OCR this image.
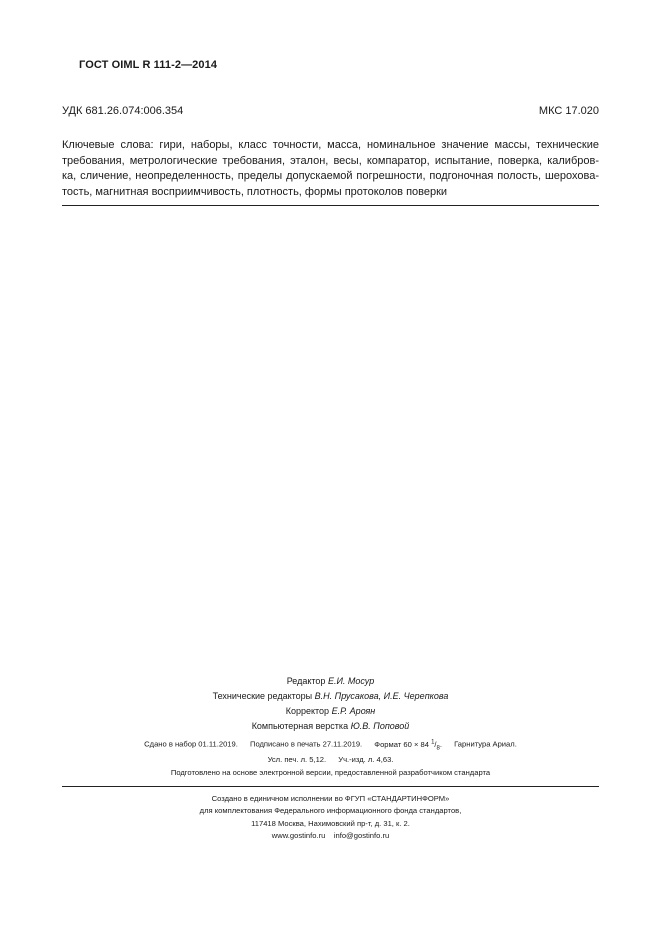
ГОСТ OIML R 111-2—2014
УДК 681.26.074:006.354	МКС 17.020
Ключевые слова: гири, наборы, класс точности, масса, номинальное значение массы, технические
требования, метрологические требования, эталон, весы, компаратор, испытание, поверка, калибров-
ка, сличение, неопределенность, пределы допускаемой погрешности, подгоночная полость, шерохова-
тость, магнитная восприимчивость, плотность, формы протоколов поверки
Редактор Е.И. Мосур
Технические редакторы В.Н. Прусакова, И.Е. Черепкова
Корректор Е.Р. Ароян
Компьютерная верстка Ю.В. Поповой
Сдано в набор 01.11.2019. Подписано в печать 27.11.2019. Формат 60 × 84 $^1/_8$. Гарнитура Ариал.
Усл. печ. л. 5,12. Уч.-изд. л. 4,63.
Подготовлено на основе электронной версии, предоставленной разработчиком стандарта
Создано в единичном исполнении во ФГУП «СТАНДАРТИНФОРМ»
для комплектования Федерального информационного фонда стандартов,
117418 Москва, Нахимовский пр-т, д. 31, к. 2.
www.gostinfo.ru info@gostinfo.ru
